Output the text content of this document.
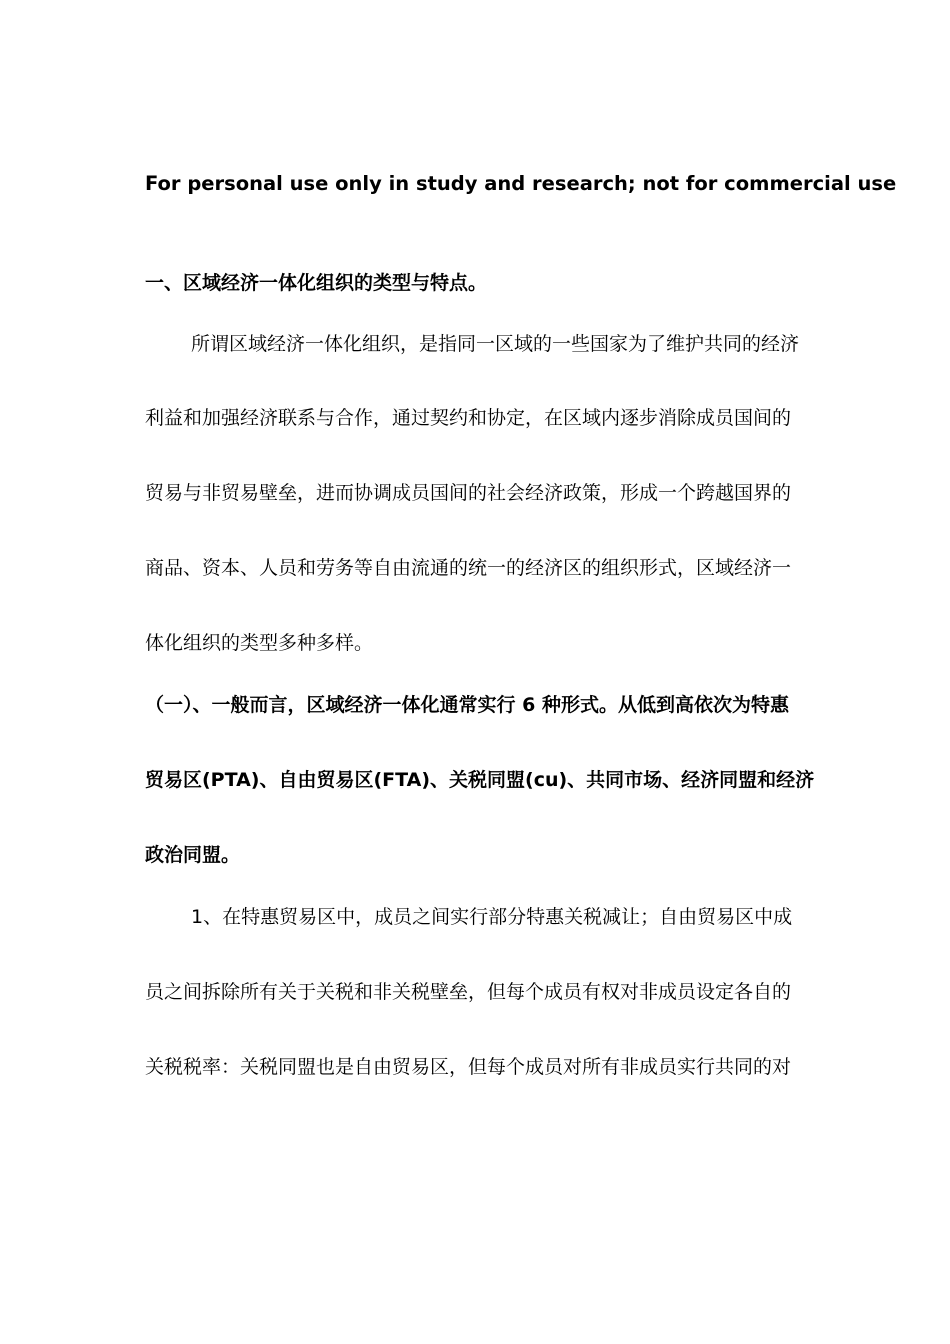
For personal use only in study and research; not for commercial use
一、区域经济一体化组织的类型与特点。
所谓区域经济一体化组织，是指同一区域的一些国家为了维护共同的经济
利益和加强经济联系与合作，通过契约和协定，在区域内逐步消除成员国间的
贸易与非贸易壁垒，进而协调成员国间的社会经济政策，形成一个跨越国界的
商品、资本、人员和劳务等自由流通的统一的经济区的组织形式，区域经济一
体化组织的类型多种多样。
（一）、一般而言，区域经济一体化通常实行 6 种形式。从低到高依次为特惠
贸易区(PTA)、自由贸易区(FTA)、关税同盟(cu)、共同市场、经济同盟和经济
政治同盟。
1、在特惠贸易区中，成员之间实行部分特惠关税减让；自由贸易区中成
员之间拆除所有关于关税和非关税壁垒，但每个成员有权对非成员设定各自的
关税税率：关税同盟也是自由贸易区，但每个成员对所有非成员实行共同的对
